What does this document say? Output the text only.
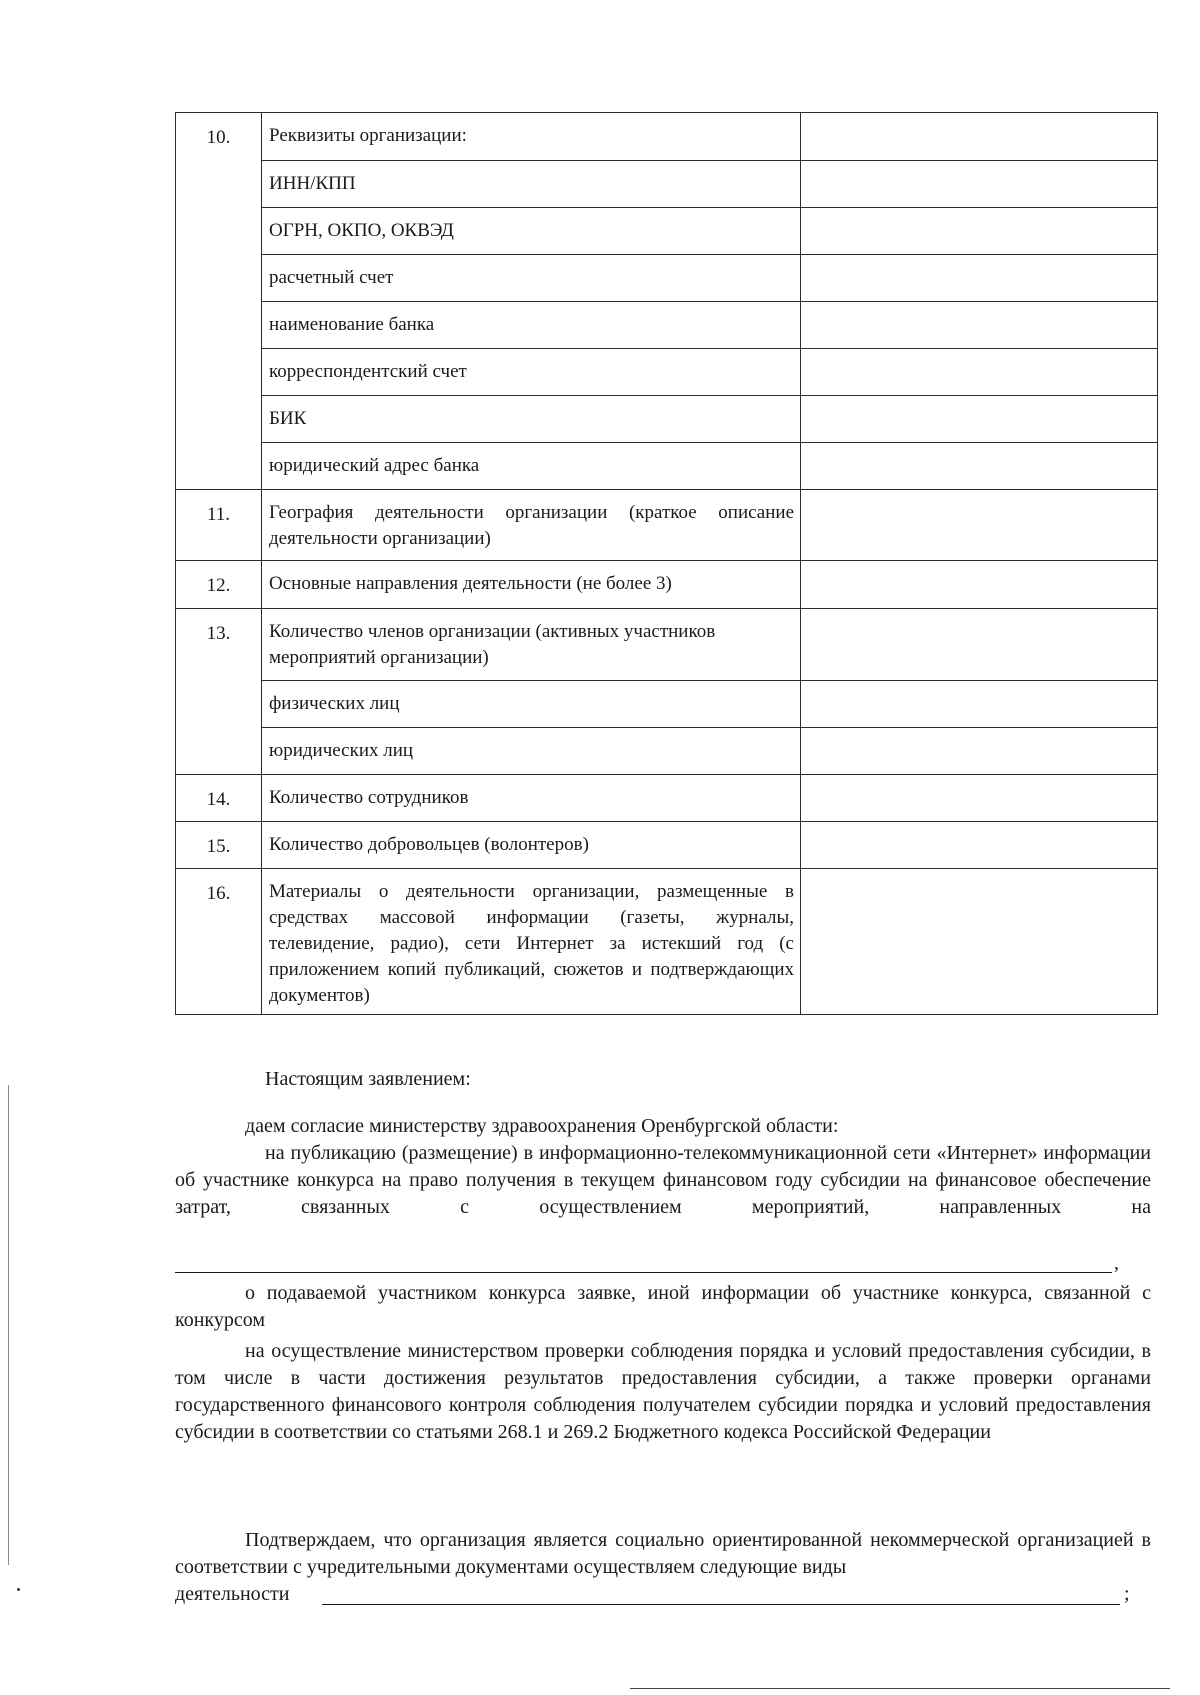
10.	Реквизиты организации:	
	ИНН/КПП	
	ОГРН, ОКПО, ОКВЭД	
	расчетный счет	
	наименование банка	
	корреспондентский счет	
	БИК	
	юридический адрес банка	
11.	География деятельности организации (краткое описание деятельности организации)	
12.	Основные направления деятельности (не более 3)	
13.	Количество членов организации (активных участников мероприятий организации)	
	физических лиц	
	юридических лиц	
14.	Количество сотрудников	
15.	Количество добровольцев (волонтеров)	
16.	Материалы о деятельности организации, размещенные в средствах массовой информации (газеты, журналы, телевидение, радио), сети Интернет за истекший год (с приложением копий публикаций, сюжетов и подтверждающих документов)	

Настоящим заявлением:

даем согласие министерству здравоохранения Оренбургской области:

на публикацию (размещение) в информационно-телекоммуникационной сети «Интернет» информации об участнике конкурса на право получения в текущем финансовом году субсидии на финансовое обеспечение затрат, связанных с осуществлением мероприятий, направленных на

,

о подаваемой участником конкурса заявке, иной информации об участнике конкурса, связанной с конкурсом

на осуществление министерством проверки соблюдения порядка и условий предоставления субсидии, в том числе в части достижения результатов предоставления субсидии, а также проверки органами государственного финансового контроля соблюдения получателем субсидии порядка и условий предоставления субсидии в соответствии со статьями 268.1 и 269.2 Бюджетного кодекса Российской Федерации

Подтверждаем, что организация является социально ориентированной некоммерческой организацией в соответствии с учредительными документами осуществляем следующие виды

деятельности	;
